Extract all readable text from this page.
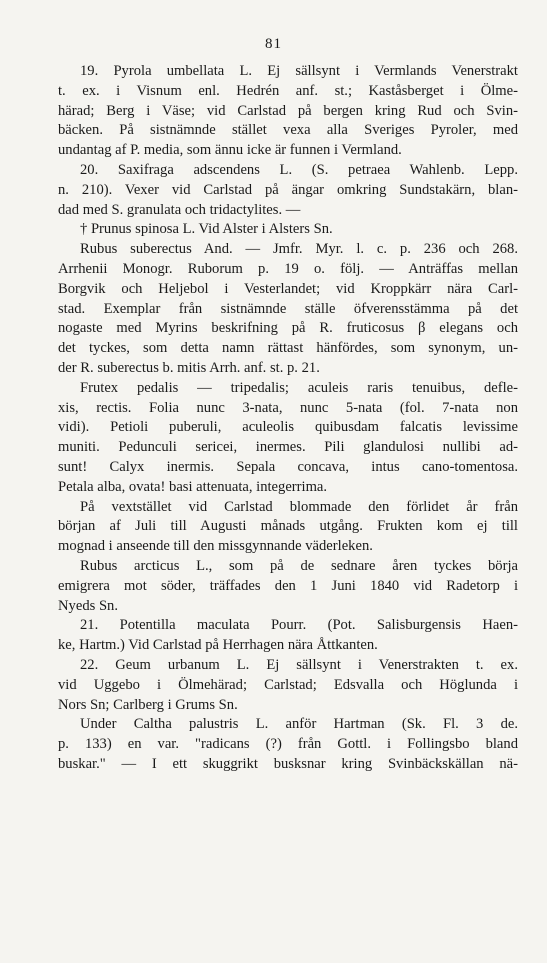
81
19. Pyrola umbellata L. Ej sällsynt i Vermlands Venerstrakt
t. ex. i Visnum enl. Hedrén anf. st.; Kaståsberget i Ölme-
härad; Berg i Väse; vid Carlstad på bergen kring Rud och Svin-
bäcken. På sistnämnde stället vexa alla Sveriges Pyroler, med
undantag af P. media, som ännu icke är funnen i Vermland.
20. Saxifraga adscendens L. (S. petraea Wahlenb. Lepp.
n. 210). Vexer vid Carlstad på ängar omkring Sundstakärn, blan-
dad med S. granulata och tridactylites. —
† Prunus spinosa L. Vid Alster i Alsters Sn.
Rubus suberectus And. — Jmfr. Myr. l. c. p. 236 och 268.
Arrhenii Monogr. Ruborum p. 19 o. följ. — Anträffas mellan
Borgvik och Heljebol i Vesterlandet; vid Kroppkärr nära Carl-
stad. Exemplar från sistnämnde ställe öfverensstämma på det
nogaste med Myrins beskrifning på R. fruticosus β elegans och
det tyckes, som detta namn rättast hänfördes, som synonym, un-
der R. suberectus b. mitis Arrh. anf. st. p. 21.
Frutex pedalis — tripedalis; aculeis raris tenuibus, defle-
xis, rectis. Folia nunc 3-nata, nunc 5-nata (fol. 7-nata non
vidi). Petioli puberuli, aculeolis quibusdam falcatis levissime
muniti. Pedunculi sericei, inermes. Pili glandulosi nullibi ad-
sunt! Calyx inermis. Sepala concava, intus cano-tomentosa.
Petala alba, ovata! basi attenuata, integerrima.
På vextstället vid Carlstad blommade den förlidet år från
början af Juli till Augusti månads utgång. Frukten kom ej till
mognad i anseende till den missgynnande väderleken.
Rubus arcticus L., som på de sednare åren tyckes börja
emigrera mot söder, träffades den 1 Juni 1840 vid Radetorp i
Nyeds Sn.
21. Potentilla maculata Pourr. (Pot. Salisburgensis Haen-
ke, Hartm.) Vid Carlstad på Herrhagen nära Åttkanten.
22. Geum urbanum L. Ej sällsynt i Venerstrakten t. ex.
vid Uggebo i Ölmehärad; Carlstad; Edsvalla och Höglunda i
Nors Sn; Carlberg i Grums Sn.
Under Caltha palustris L. anför Hartman (Sk. Fl. 3 de.
p. 133) en var. "radicans (?) från Gottl. i Follingsbo bland
buskar." — I ett skuggrikt busksnar kring Svinbäckskällan nä-
